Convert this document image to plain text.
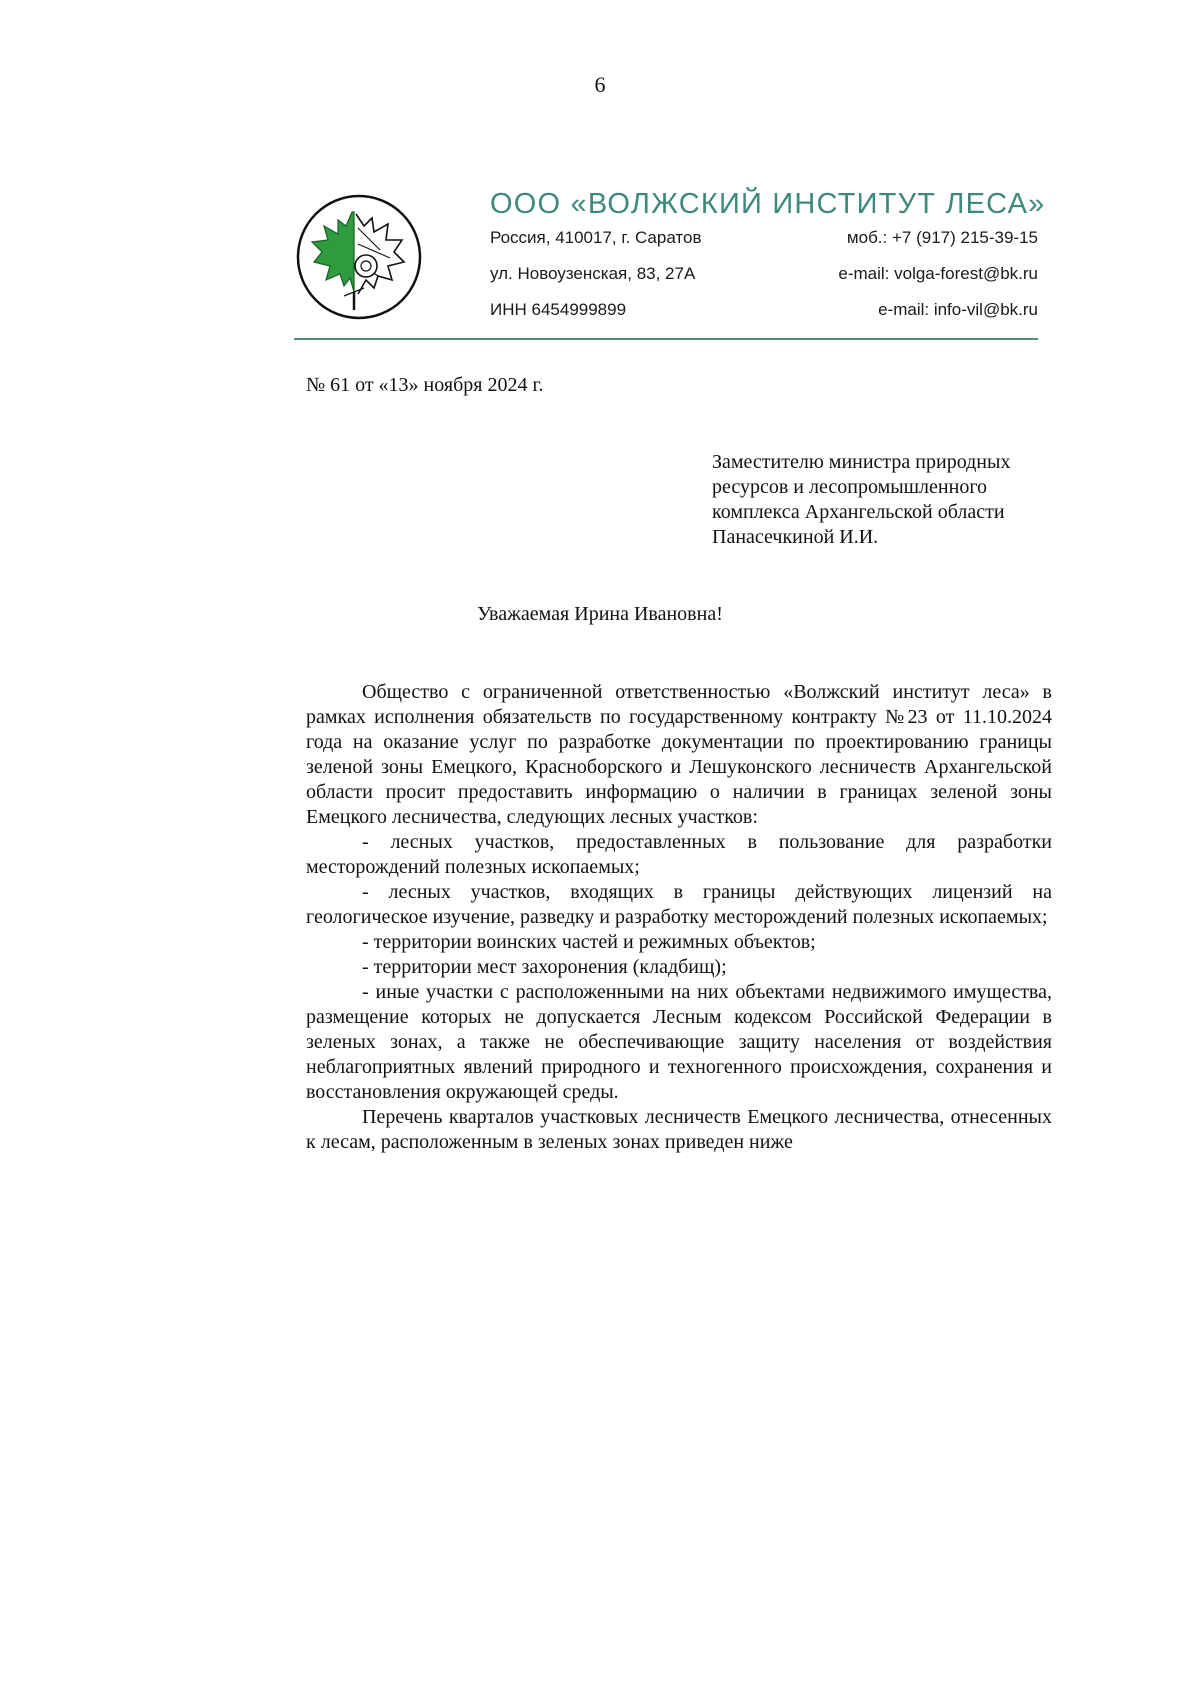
6
ООО «ВОЛЖСКИЙ ИНСТИТУТ ЛЕСА»
Россия, 410017, г. Саратов
ул. Новоузенская, 83, 27А
ИНН 6454999899
моб.: +7 (917) 215-39-15
e-mail: volga-forest@bk.ru
e-mail: info-vil@bk.ru
№ 61 от «13» ноября 2024 г.
Заместителю министра природных
ресурсов и лесопромышленного
комплекса Архангельской области
Панасечкиной И.И.
Уважаемая Ирина Ивановна!

Общество с ограниченной ответственностью «Волжский институт леса» в рамках исполнения обязательств по государственному контракту №23 от 11.10.2024 года на оказание услуг по разработке документации по проектированию границы зеленой зоны Емецкого, Красноборского и Лешуконского лесничеств Архангельской области просит предоставить информацию о наличии в границах зеленой зоны Емецкого лесничества, следующих лесных участков:

- лесных участков, предоставленных в пользование для разработки месторождений полезных ископаемых;

- лесных участков, входящих в границы действующих лицензий на геологическое изучение, разведку и разработку месторождений полезных ископаемых;

- территории воинских частей и режимных объектов;

- территории мест захоронения (кладбищ);

- иные участки с расположенными на них объектами недвижимого имущества, размещение которых не допускается Лесным кодексом Российской Федерации в зеленых зонах, а также не обеспечивающие защиту населения от воздействия неблагоприятных явлений природного и техногенного происхождения, сохранения и восстановления окружающей среды.

Перечень кварталов участковых лесничеств Емецкого лесничества, отнесенных к лесам, расположенным в зеленых зонах приведен ниже
